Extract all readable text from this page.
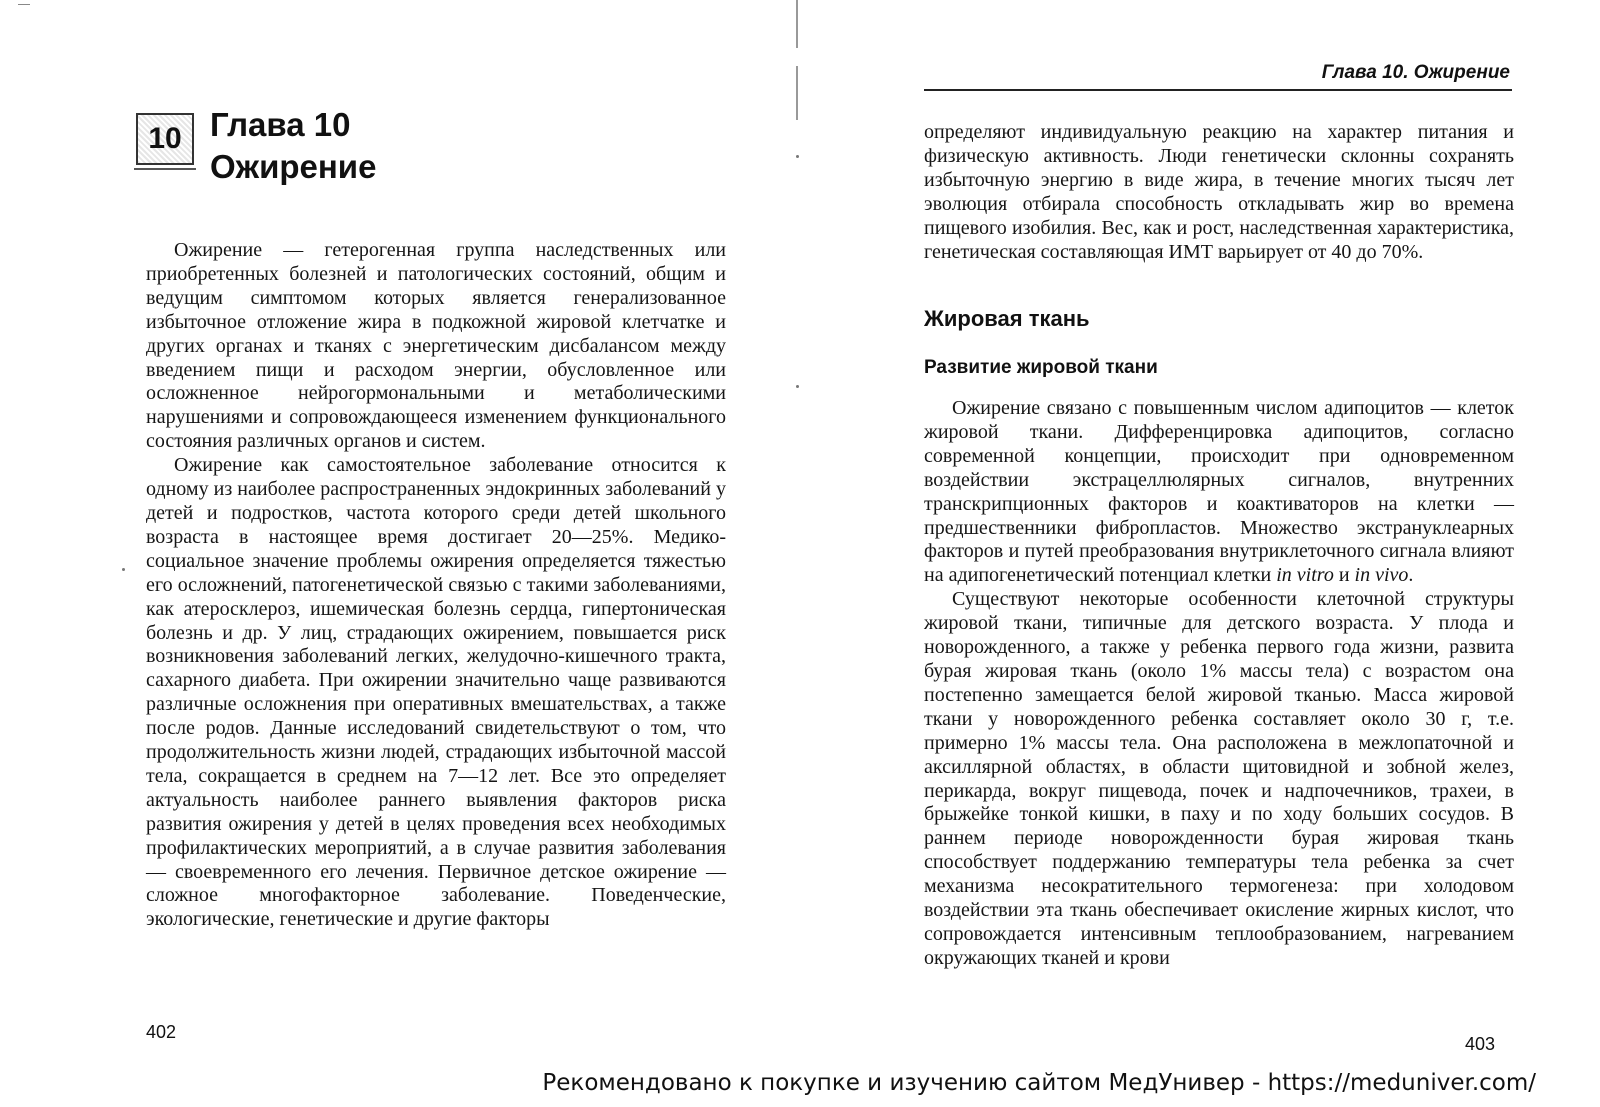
10 Глава 10
Ожирение

Ожирение — гетерогенная группа наследственных или приобретенных болезней и патологических состояний, общим и ведущим симптомом которых является генерализованное избыточное отложение жира в подкожной жировой клетчатке и других органах и тканях с энергетическим дисбалансом между введением пищи и расходом энергии, обусловленное или осложненное нейрогормональными и метаболическими нарушениями и сопровождающееся изменением функционального состояния различных органов и систем.

Ожирение как самостоятельное заболевание относится к одному из наиболее распространенных эндокринных заболеваний у детей и подростков, частота которого среди детей школьного возраста в настоящее время достигает 20—25%. Медико-социальное значение проблемы ожирения определяется тяжестью его осложнений, патогенетической связью с такими заболеваниями, как атеросклероз, ишемическая болезнь сердца, гипертоническая болезнь и др. У лиц, страдающих ожирением, повышается риск возникновения заболеваний легких, желудочно-кишечного тракта, сахарного диабета. При ожирении значительно чаще развиваются различные осложнения при оперативных вмешательствах, а также после родов. Данные исследований свидетельствуют о том, что продолжительность жизни людей, страдающих избыточной массой тела, сокращается в среднем на 7—12 лет. Все это определяет актуальность наиболее раннего выявления факторов риска развития ожирения у детей в целях проведения всех необходимых профилактических мероприятий, а в случае развития заболевания — своевременного его лечения. Первичное детское ожирение — сложное многофакторное заболевание. Поведенческие, экологические, генетические и другие факторы

402
Глава 10. Ожирение

определяют индивидуальную реакцию на характер питания и физическую активность. Люди генетически склонны сохранять избыточную энергию в виде жира, в течение многих тысяч лет эволюция отбирала способность откладывать жир во времена пищевого изобилия. Вес, как и рост, наследственная характеристика, генетическая составляющая ИМТ варьирует от 40 до 70%.

Жировая ткань
Развитие жировой ткани

Ожирение связано с повышенным числом адипоцитов — клеток жировой ткани. Дифференцировка адипоцитов, согласно современной концепции, происходит при одновременном воздействии экстрацеллюлярных сигналов, внутренних транскрипционных факторов и коактиваторов на клетки — предшественники фибропластов. Множество экстрануклеарных факторов и путей преобразования внутриклеточного сигнала влияют на адипогенетический потенциал клетки in vitro и in vivo.

Существуют некоторые особенности клеточной структуры жировой ткани, типичные для детского возраста. У плода и новорожденного, а также у ребенка первого года жизни, развита бурая жировая ткань (около 1% массы тела) с возрастом она постепенно замещается белой жировой тканью. Масса жировой ткани у новорожденного ребенка составляет около 30 г, т.е. примерно 1% массы тела. Она расположена в межлопаточной и аксиллярной областях, в области щитовидной и зобной желез, перикарда, вокруг пищевода, почек и надпочечников, трахеи, в брыжейке тонкой кишки, в паху и по ходу больших сосудов. В раннем периоде новорожденности бурая жировая ткань способствует поддержанию температуры тела ребенка за счет механизма несократительного термогенеза: при холодовом воздействии эта ткань обеспечивает окисление жирных кислот, что сопровождается интенсивным теплообразованием, нагреванием окружающих тканей и крови

403
Рекомендовано к покупке и изучению сайтом МедУнивер - https://meduniver.com/
